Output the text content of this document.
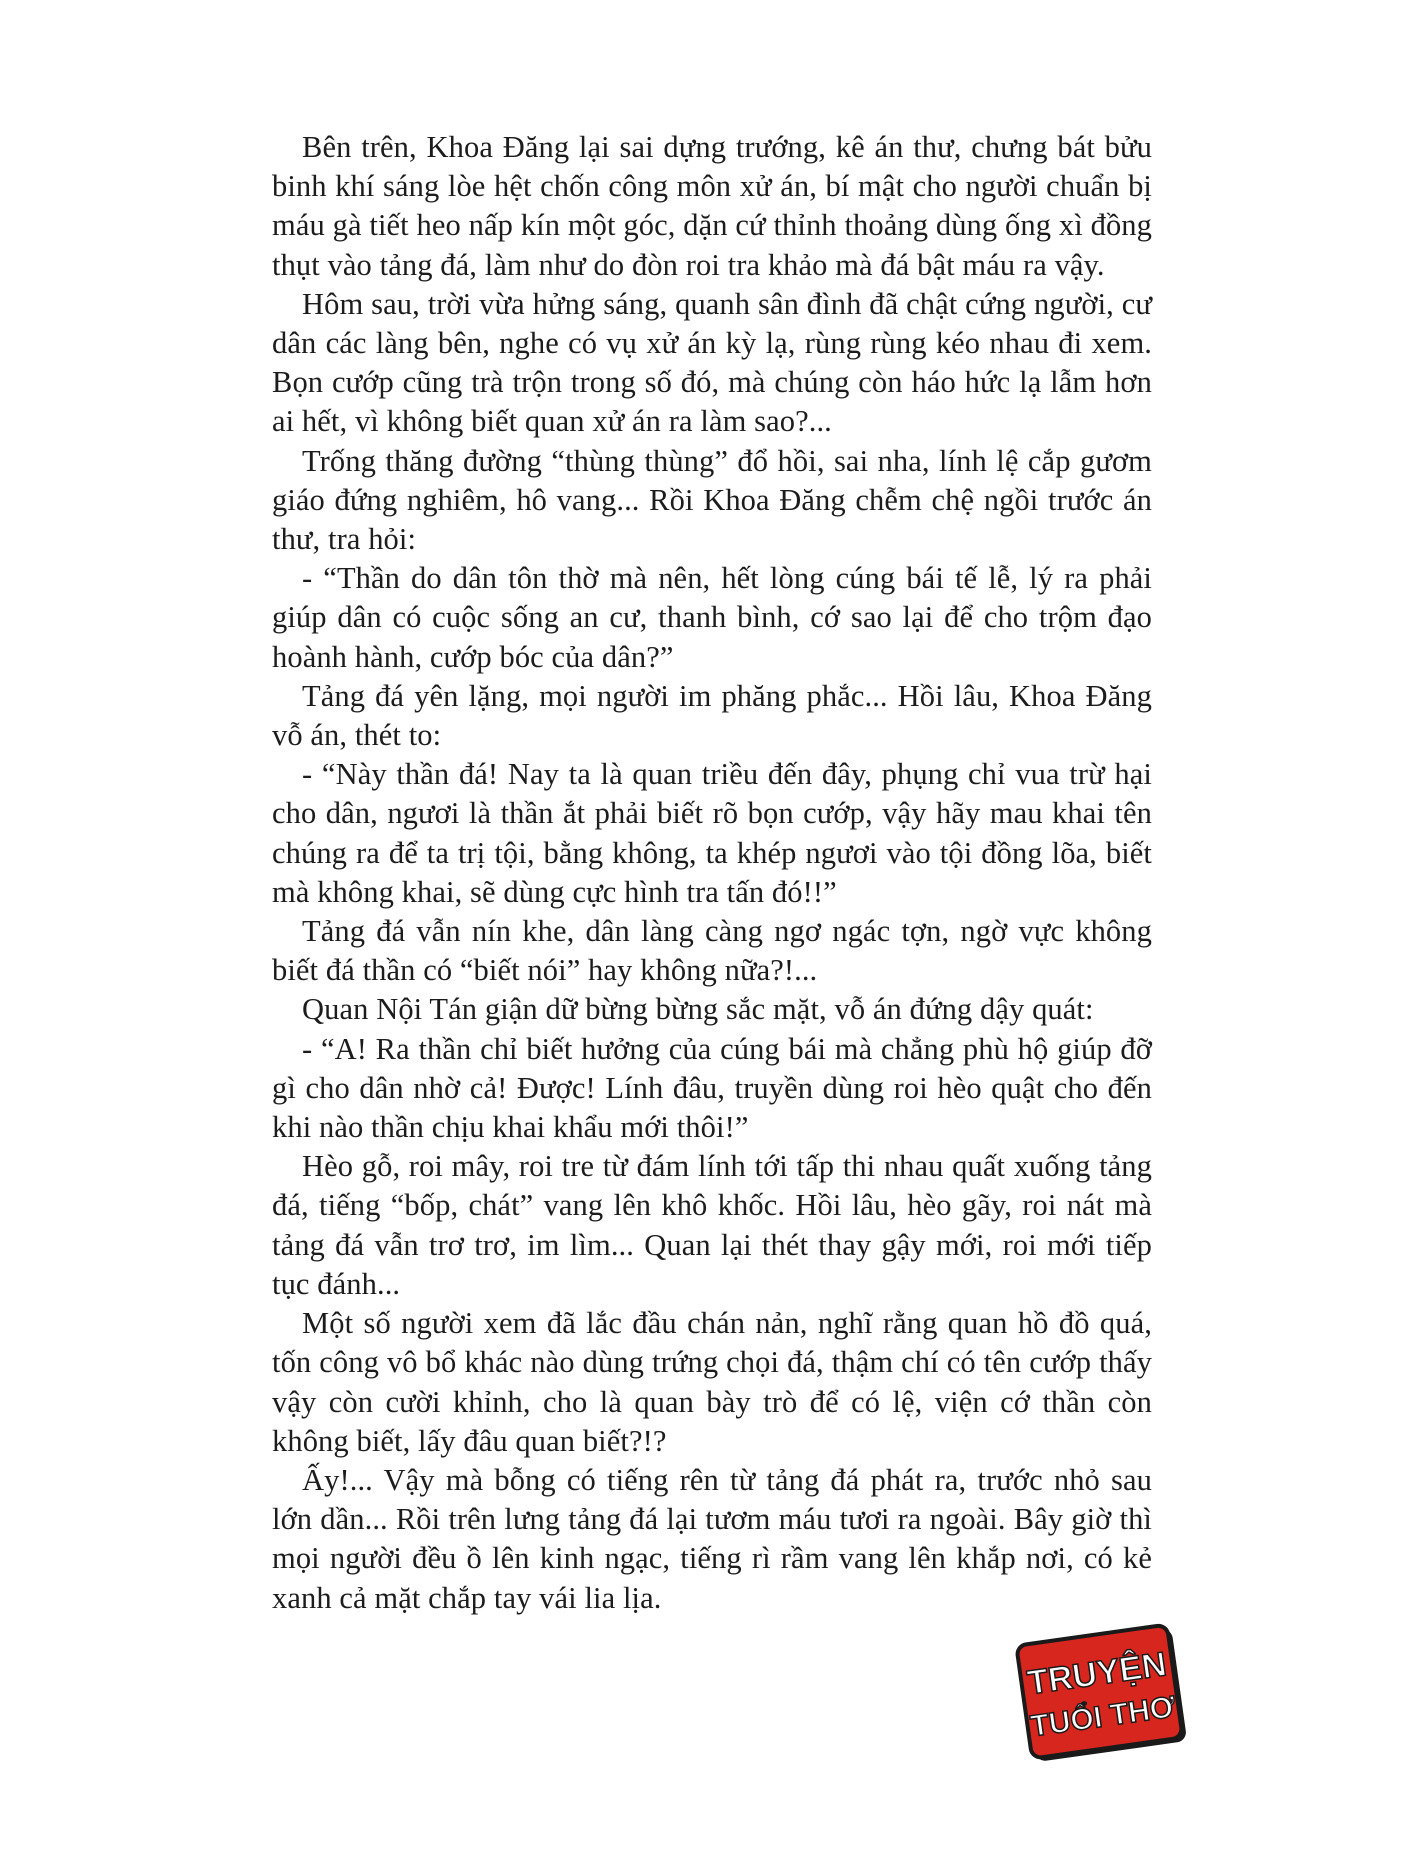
Bên trên, Khoa Đăng lại sai dựng trướng, kê án thư, chưng bát bửu binh khí sáng lòe hệt chốn công môn xử án, bí mật cho người chuẩn bị máu gà tiết heo nấp kín một góc, dặn cứ thỉnh thoảng dùng ống xì đồng thụt vào tảng đá, làm như do đòn roi tra khảo mà đá bật máu ra vậy.

Hôm sau, trời vừa hửng sáng, quanh sân đình đã chật cứng người, cư dân các làng bên, nghe có vụ xử án kỳ lạ, rùng rùng kéo nhau đi xem. Bọn cướp cũng trà trộn trong số đó, mà chúng còn háo hức lạ lẫm hơn ai hết, vì không biết quan xử án ra làm sao?...

Trống thăng đường “thùng thùng” đổ hồi, sai nha, lính lệ cắp gươm giáo đứng nghiêm, hô vang... Rồi Khoa Đăng chễm chệ ngồi trước án thư, tra hỏi:

- “Thần do dân tôn thờ mà nên, hết lòng cúng bái tế lễ, lý ra phải giúp dân có cuộc sống an cư, thanh bình, cớ sao lại để cho trộm đạo hoành hành, cướp bóc của dân?”

Tảng đá yên lặng, mọi người im phăng phắc... Hồi lâu, Khoa Đăng vỗ án, thét to:

- “Này thần đá! Nay ta là quan triều đến đây, phụng chỉ vua trừ hại cho dân, ngươi là thần ắt phải biết rõ bọn cướp, vậy hãy mau khai tên chúng ra để ta trị tội, bằng không, ta khép ngươi vào tội đồng lõa, biết mà không khai, sẽ dùng cực hình tra tấn đó!!”

Tảng đá vẫn nín khe, dân làng càng ngơ ngác tợn, ngờ vực không biết đá thần có “biết nói” hay không nữa?!...

Quan Nội Tán giận dữ bừng bừng sắc mặt, vỗ án đứng dậy quát:

- “A! Ra thần chỉ biết hưởng của cúng bái mà chẳng phù hộ giúp đỡ gì cho dân nhờ cả! Được! Lính đâu, truyền dùng roi hèo quật cho đến khi nào thần chịu khai khẩu mới thôi!”

Hèo gỗ, roi mây, roi tre từ đám lính tới tấp thi nhau quất xuống tảng đá, tiếng “bốp, chát” vang lên khô khốc. Hồi lâu, hèo gãy, roi nát mà tảng đá vẫn trơ trơ, im lìm... Quan lại thét thay gậy mới, roi mới tiếp tục đánh...

Một số người xem đã lắc đầu chán nản, nghĩ rằng quan hồ đồ quá, tốn công vô bổ khác nào dùng trứng chọi đá, thậm chí có tên cướp thấy vậy còn cười khỉnh, cho là quan bày trò để có lệ, viện cớ thần còn không biết, lấy đâu quan biết?!?

Ấy!... Vậy mà bỗng có tiếng rên từ tảng đá phát ra, trước nhỏ sau lớn dần... Rồi trên lưng tảng đá lại tươm máu tươi ra ngoài. Bây giờ thì mọi người đều ồ lên kinh ngạc, tiếng rì rầm vang lên khắp nơi, có kẻ xanh cả mặt chắp tay vái lia lịa.

TRUYỆN
TUỔI THƠ
